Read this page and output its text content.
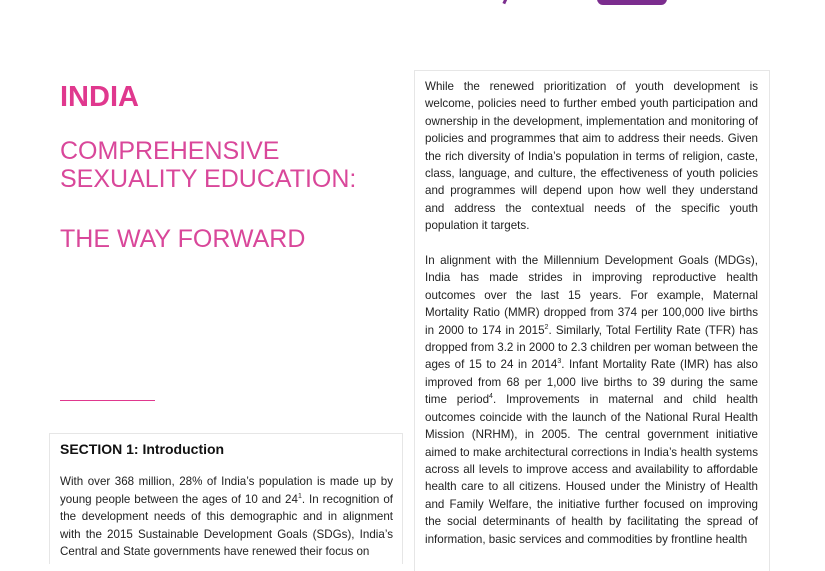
INDIA
COMPREHENSIVE
SEXUALITY EDUCATION:
THE WAY FORWARD
SECTION 1: Introduction

With over 368 million, 28% of India’s population is made up by young people between the ages of 10 and $24^1$. In recognition of the development needs of this demographic and in alignment with the 2015 Sustainable Development Goals (SDGs), India’s Central and State governments have renewed their focus on

While the renewed prioritization of youth development is welcome, policies need to further embed youth participation and ownership in the development, implementation and monitoring of policies and programmes that aim to address their needs. Given the rich diversity of India’s population in terms of religion, caste, class, language, and culture, the effectiveness of youth policies and programmes will depend upon how well they understand and address the contextual needs of the specific youth population it targets.

In alignment with the Millennium Development Goals (MDGs), India has made strides in improving reproductive health outcomes over the last 15 years. For example, Maternal Mortality Ratio (MMR) dropped from 374 per 100,000 live births in 2000 to 174 in 2015$^2$. Similarly, Total Fertility Rate (TFR) has dropped from 3.2 in 2000 to 2.3 children per woman between the ages of 15 to 24 in 2014$^3$. Infant Mortality Rate (IMR) has also improved from 68 per 1,000 live births to 39 during the same time period$^4$. Improvements in maternal and child health outcomes coincide with the launch of the National Rural Health Mission (NRHM), in 2005. The central government initiative aimed to make architectural corrections in India’s health systems across all levels to improve access and availability to affordable health care to all citizens. Housed under the Ministry of Health and Family Welfare, the initiative further focused on improving the social determinants of health by facilitating the spread of information, basic services and commodities by frontline health
